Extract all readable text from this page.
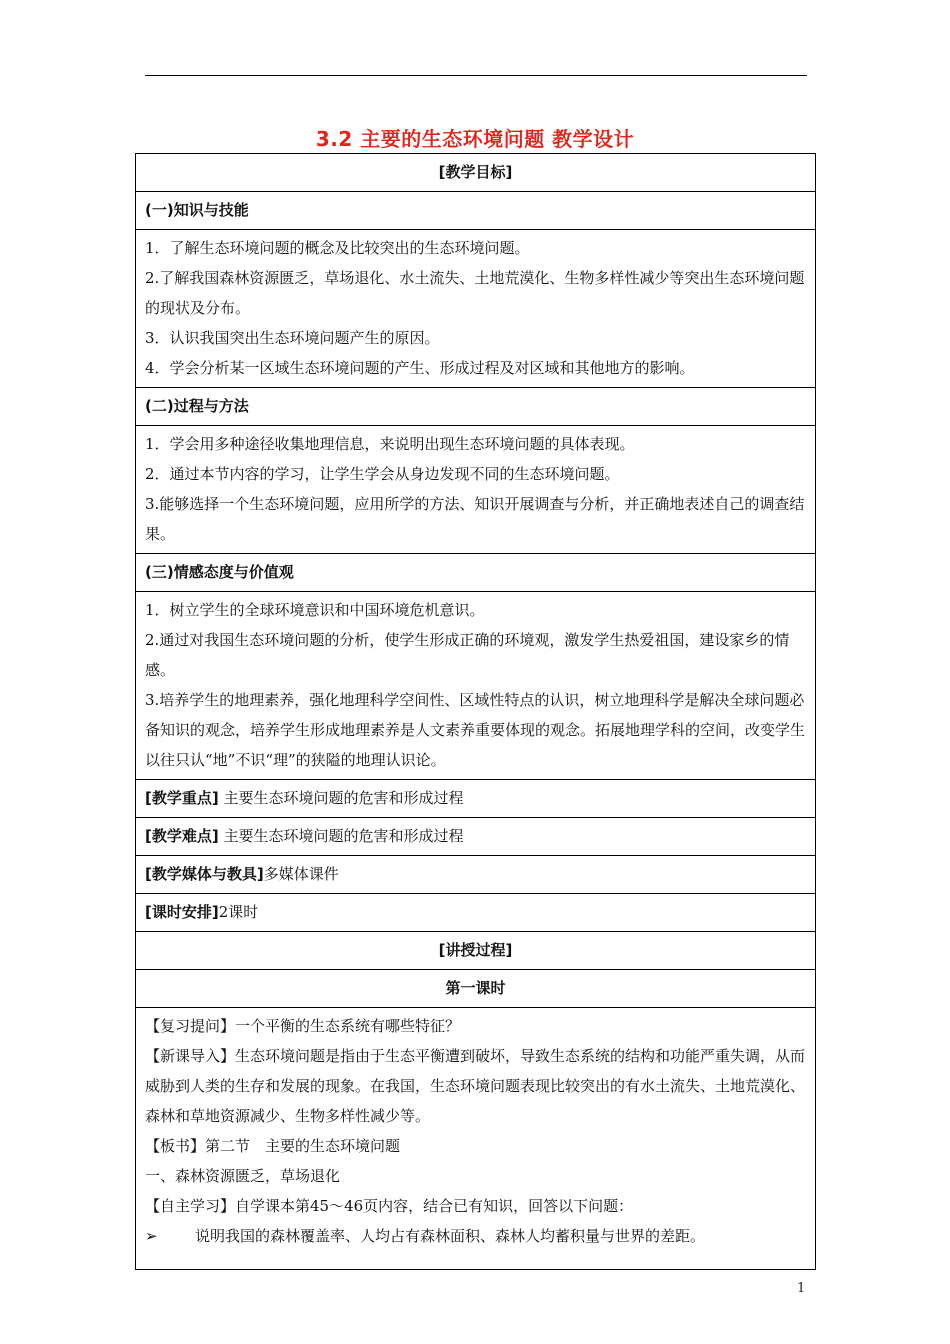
3.2 主要的生态环境问题 教学设计
[教学目标]
(一)知识与技能

1．了解生态环境问题的概念及比较突出的生态环境问题。

2.了解我国森林资源匮乏，草场退化、水土流失、土地荒漠化、生物多样性减少等突出生态环境问题的现状及分布。

3．认识我国突出生态环境问题产生的原因。

4．学会分析某一区域生态环境问题的产生、形成过程及对区域和其他地方的影响。

(二)过程与方法

1．学会用多种途径收集地理信息，来说明出现生态环境问题的具体表现。

2．通过本节内容的学习，让学生学会从身边发现不同的生态环境问题。

3.能够选择一个生态环境问题，应用所学的方法、知识开展调查与分析，并正确地表述自己的调查结果。

(三)情感态度与价值观

1．树立学生的全球环境意识和中国环境危机意识。

2.通过对我国生态环境问题的分析，使学生形成正确的环境观，激发学生热爱祖国，建设家乡的情感。

3.培养学生的地理素养，强化地理科学空间性、区域性特点的认识，树立地理科学是解决全球问题必备知识的观念，培养学生形成地理素养是人文素养重要体现的观念。拓展地理学科的空间，改变学生以往只认“地”不识“理”的狭隘的地理认识论。

[教学重点] 主要生态环境问题的危害和形成过程
[教学难点] 主要生态环境问题的危害和形成过程
[教学媒体与教具]多媒体课件
[课时安排]2课时
[讲授过程]
第一课时

【复习提问】一个平衡的生态系统有哪些特征？

【新课导入】生态环境问题是指由于生态平衡遭到破坏，导致生态系统的结构和功能严重失调，从而威胁到人类的生存和发展的现象。在我国，生态环境问题表现比较突出的有水土流失、土地荒漠化、森林和草地资源减少、生物多样性减少等。

【板书】第二节　主要的生态环境问题

一、森林资源匮乏，草场退化

【自主学习】自学课本第45～46页内容，结合已有知识，回答以下问题：

➢	说明我国的森林覆盖率、人均占有森林面积、森林人均蓄积量与世界的差距。
1
